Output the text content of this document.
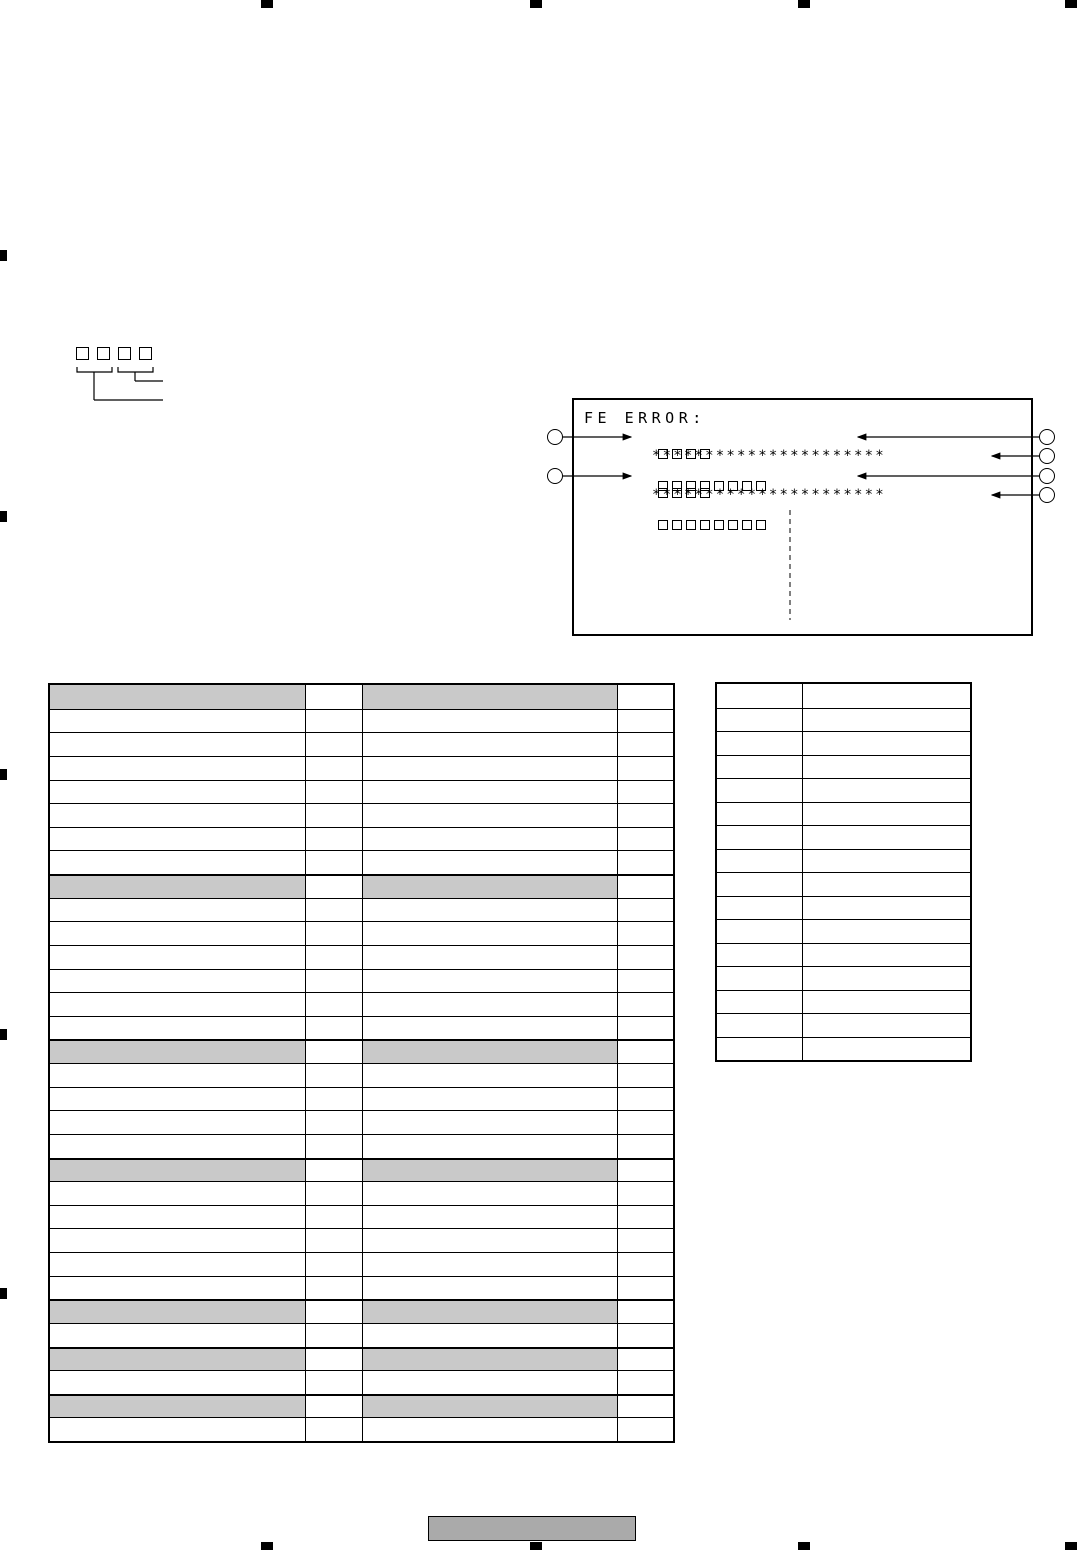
FE ERROR:

**********************

**********************
